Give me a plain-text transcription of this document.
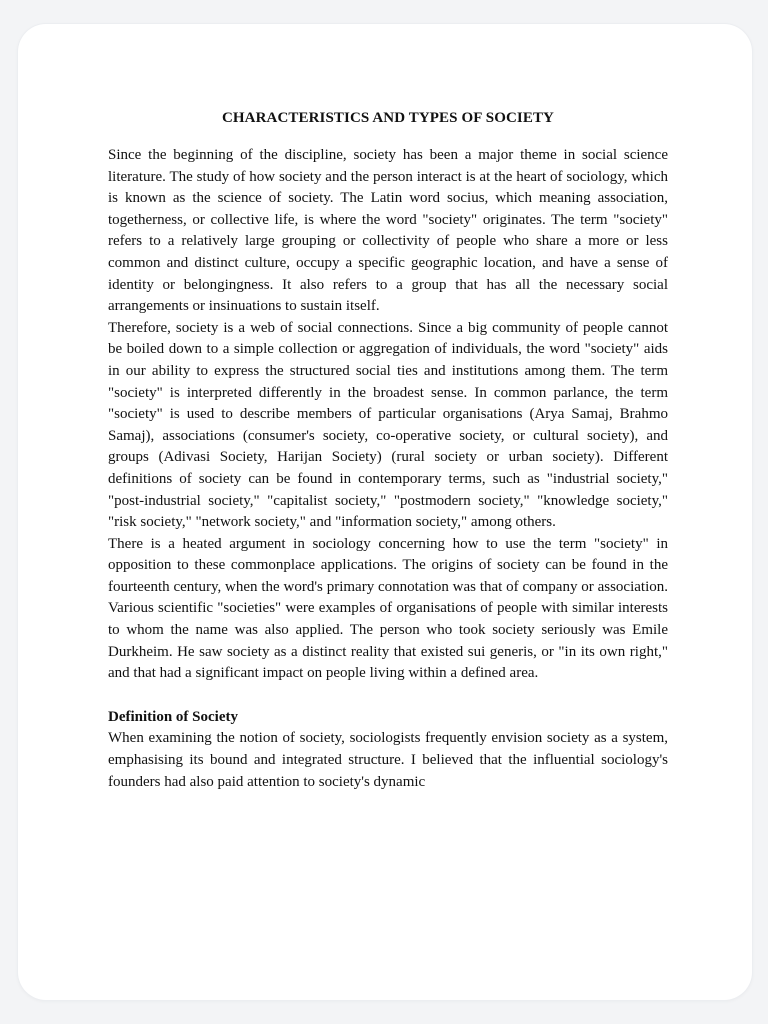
CHARACTERISTICS AND TYPES OF SOCIETY

Since the beginning of the discipline, society has been a major theme in social science literature. The study of how society and the person interact is at the heart of sociology, which is known as the science of society. The Latin word socius, which meaning association, togetherness, or collective life, is where the word "society" originates. The term "society" refers to a relatively large grouping or collectivity of people who share a more or less common and distinct culture, occupy a specific geographic location, and have a sense of identity or belongingness. It also refers to a group that has all the necessary social arrangements or insinuations to sustain itself.

Therefore, society is a web of social connections. Since a big community of people cannot be boiled down to a simple collection or aggregation of individuals, the word "society" aids in our ability to express the structured social ties and institutions among them. The term "society" is interpreted differently in the broadest sense. In common parlance, the term "society" is used to describe members of particular organisations (Arya Samaj, Brahmo Samaj), associations (consumer's society, co-operative society, or cultural society), and groups (Adivasi Society, Harijan Society) (rural society or urban society). Different definitions of society can be found in contemporary terms, such as "industrial society," "post-industrial society," "capitalist society," "postmodern society," "knowledge society," "risk society," "network society," and "information society," among others.

There is a heated argument in sociology concerning how to use the term "society" in opposition to these commonplace applications. The origins of society can be found in the fourteenth century, when the word's primary connotation was that of company or association. Various scientific "societies" were examples of organisations of people with similar interests to whom the name was also applied. The person who took society seriously was Emile Durkheim. He saw society as a distinct reality that existed sui generis, or "in its own right," and that had a significant impact on people living within a defined area.

Definition of Society

When examining the notion of society, sociologists frequently envision society as a system, emphasising its bound and integrated structure. I believed that the influential sociology's founders had also paid attention to society's dynamic
